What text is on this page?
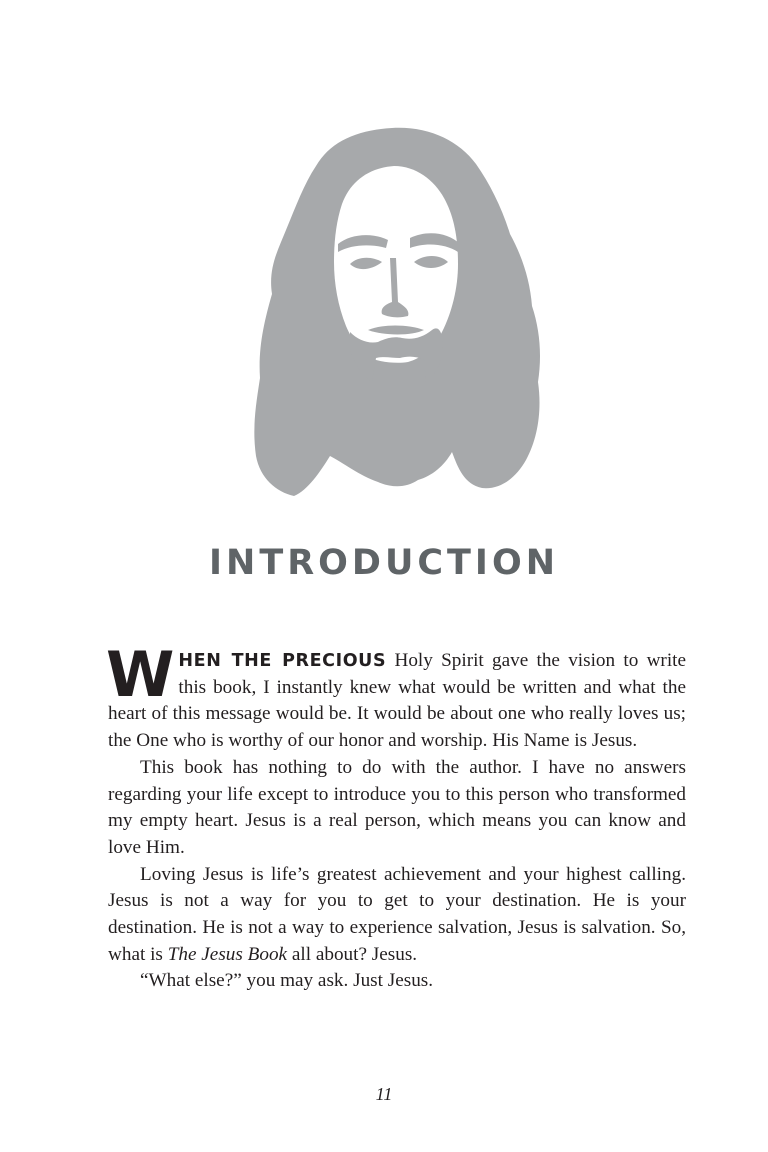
INTRODUCTION

WHEN THE PRECIOUS Holy Spirit gave the vision to write this book, I instantly knew what would be written and what the heart of this message would be. It would be about one who really loves us; the One who is worthy of our honor and worship. His Name is Jesus.

This book has nothing to do with the author. I have no answers regarding your life except to introduce you to this person who transformed my empty heart. Jesus is a real person, which means you can know and love Him.

Loving Jesus is life’s greatest achievement and your highest calling. Jesus is not a way for you to get to your destination. He is your destination. He is not a way to experience salvation, Jesus is salvation. So, what is The Jesus Book all about? Jesus.

“What else?” you may ask. Just Jesus.

11
